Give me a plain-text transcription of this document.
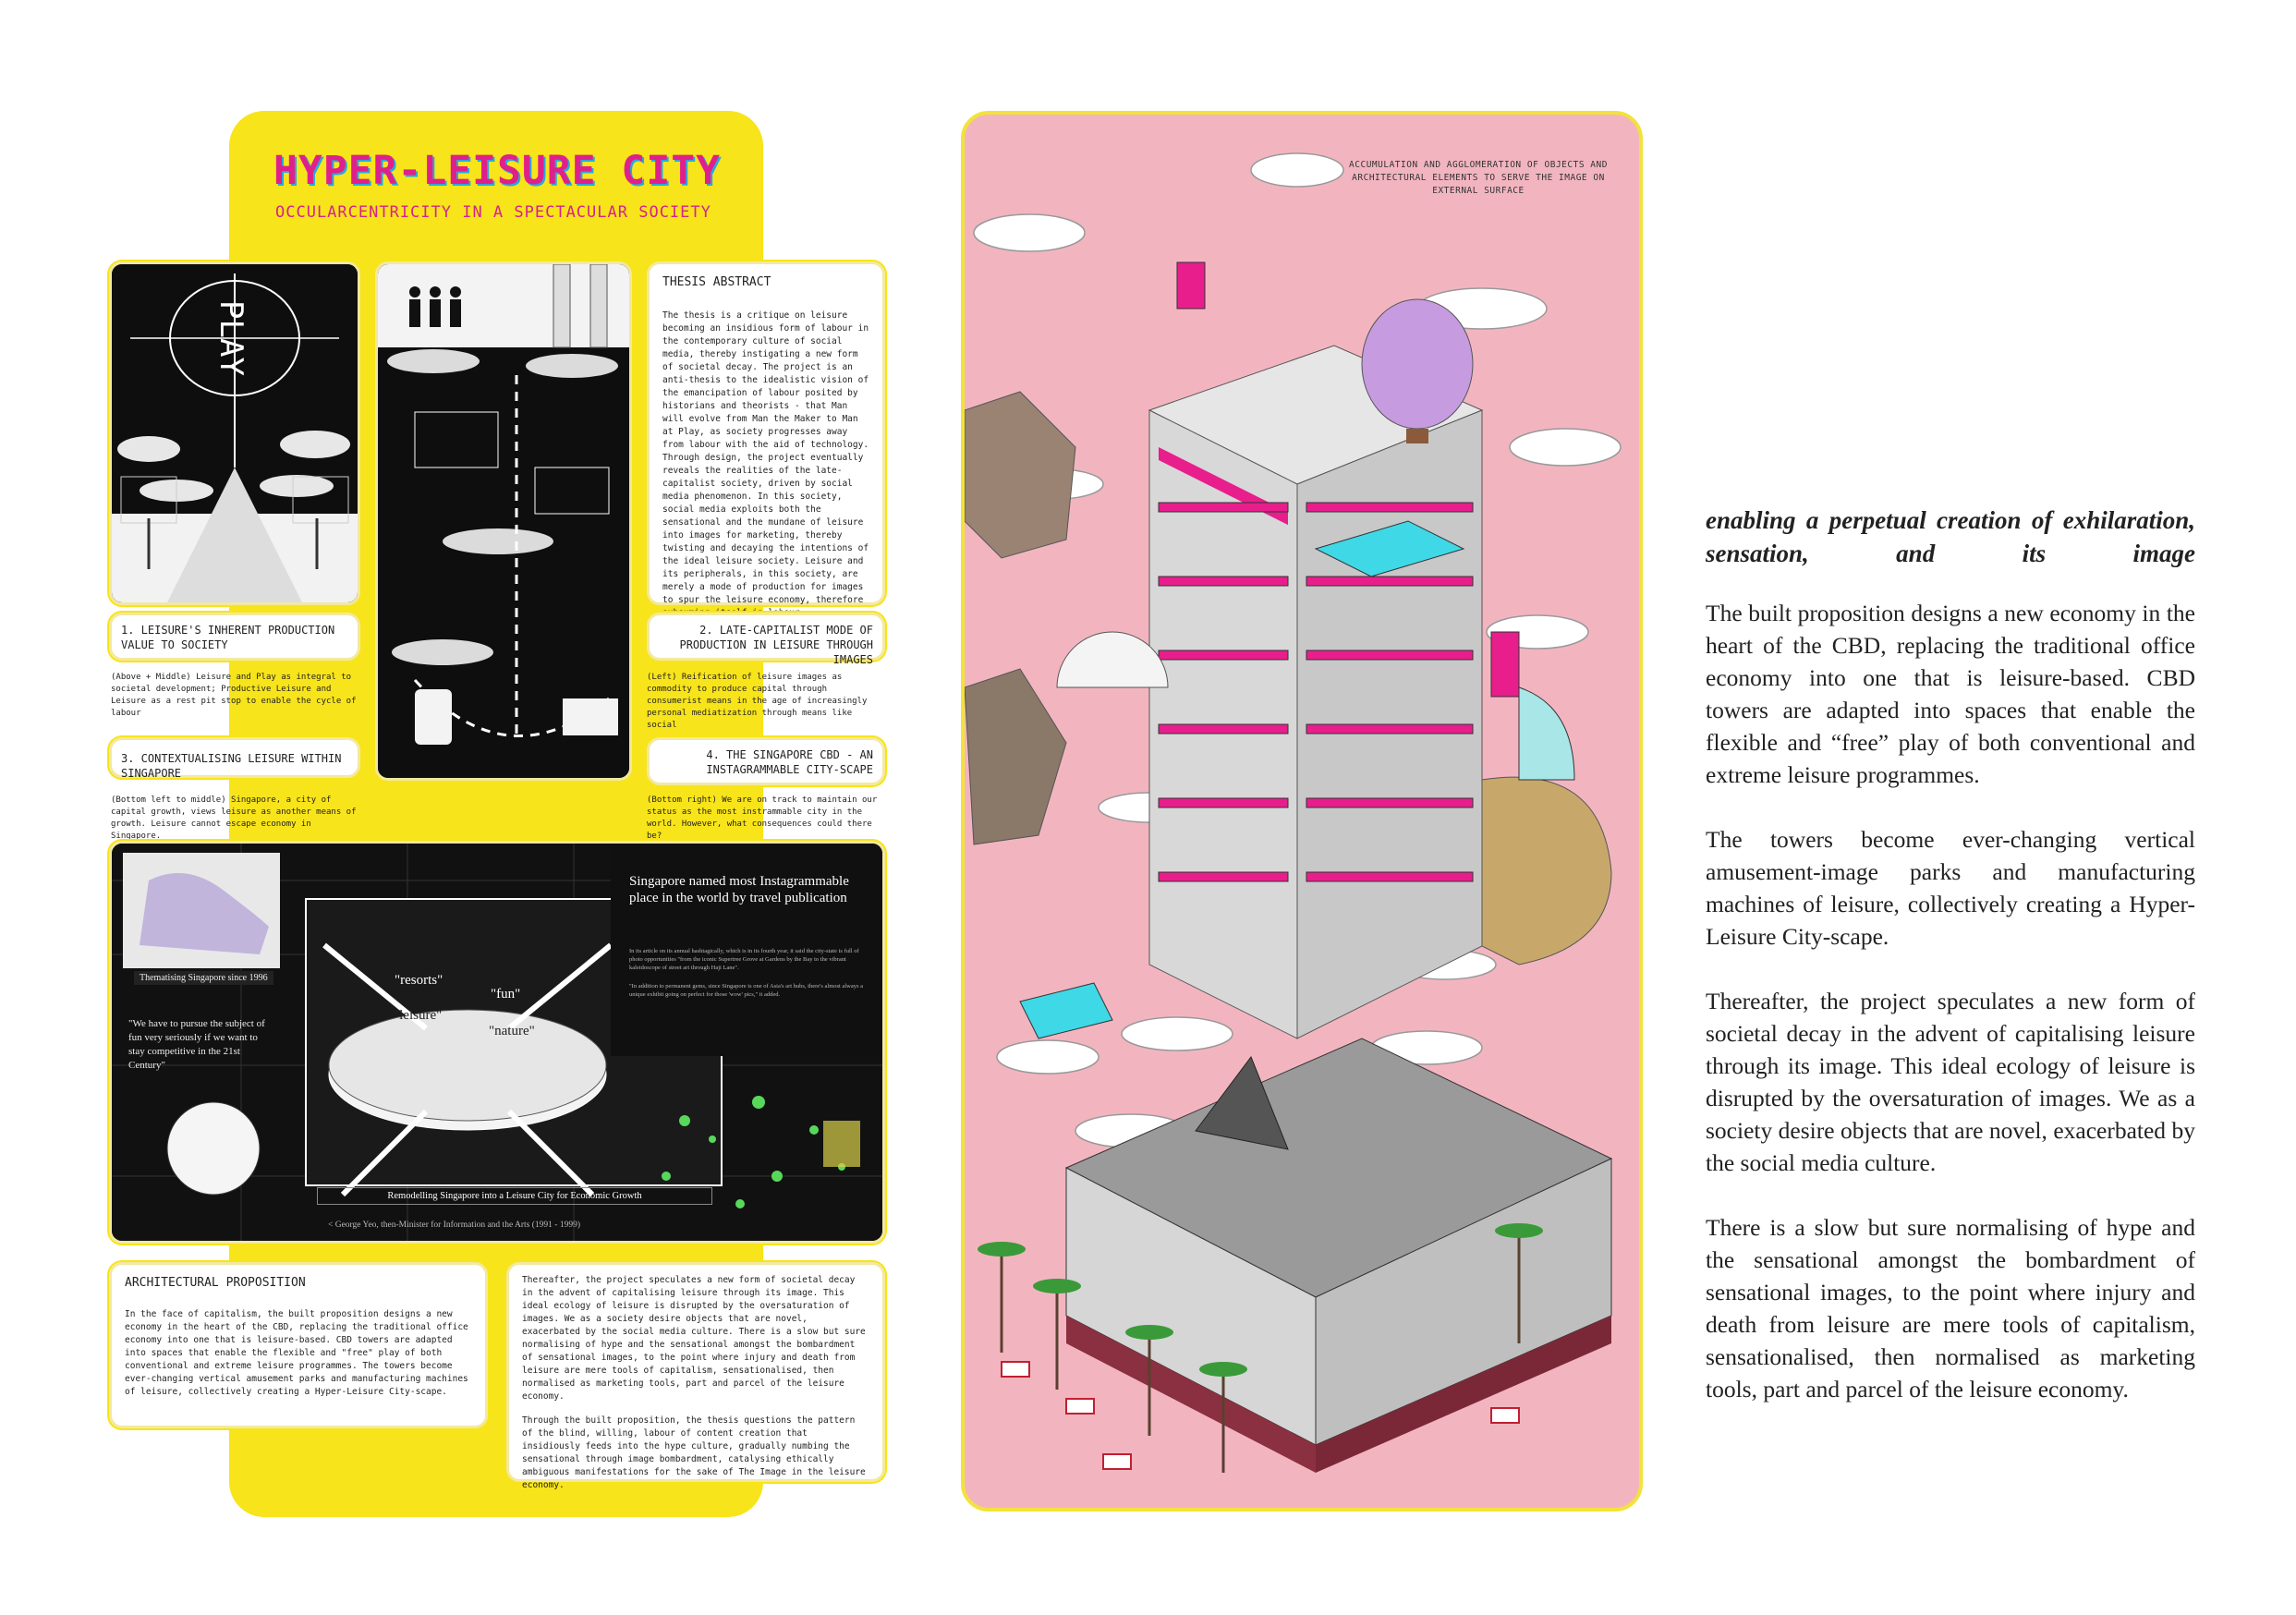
HYPER-LEISURE CITY
OCCULARCENTRICITY IN A SPECTACULAR SOCIETY
PLAY
THESIS ABSTRACT
The thesis is a critique on leisure becoming an insidious form of labour in the contemporary culture of social media, thereby instigating a new form of societal decay. The project is an anti-thesis to the idealistic vision of the emancipation of labour posited by historians and theorists - that Man will evolve from Man the Maker to Man at Play, as society progresses away from labour with the aid of technology. Through design, the project eventually reveals the realities of the late-capitalist society, driven by social media phenomenon. In this society, social media exploits both the sensational and the mundane of leisure into images for marketing, thereby twisting and decaying the intentions of the ideal leisure society. Leisure and its peripherals, in this society, are merely a mode of production for images to spur the leisure economy, therefore
1. LEISURE'S INHERENT PRODUCTION VALUE TO SOCIETY
(Above + Middle) Leisure and Play as integral to societal development; Productive Leisure and Leisure as a rest pit stop to enable the cycle of labour
2. LATE-CAPITALIST MODE OF PRODUCTION IN LEISURE THROUGH IMAGES
(Left) Reification of leisure images as commodity to produce capital through consumerist means in the age of increasingly personal mediatization through means like social
3. CONTEXTUALISING LEISURE WITHIN SINGAPORE
(Bottom left to middle) Singapore, a city of capital growth, views leisure as another means of growth. Leisure cannot escape economy in Singapore.
4. THE SINGAPORE CBD - AN INSTAGRAMMABLE CITY-SCAPE
(Bottom right) We are on track to maintain our status as the most instrammable city in the world. However, what consequences could there be?
Thematising Singapore since 1996
"We have to pursue the subject of fun very seriously if we want to stay competitive in the 21st Century"
"resorts"
"fun"
"leisure"
"nature"
Remodelling Singapore into a Leisure City for Economic Growth
< George Yeo, then-Minister for Information and the Arts (1991 - 1999)
Singapore named most Instagrammable place in the world by travel publication
In its article on its annual hashtagically, which is in its fourth year, it said the city-state is full of photo opportunities "from the iconic Supertree Grove at Gardens by the Bay to the vibrant kaleidoscope of street art through Haji Lane".
"In addition to permanent gems, since Singapore is one of Asia's art hubs, there's almost always a unique exhibit going on perfect for those 'wow' pics," it added.
ARCHITECTURAL PROPOSITION
In the face of capitalism, the built proposition designs a new economy in the heart of the CBD, replacing the traditional office economy into one that is leisure-based. CBD towers are adapted into spaces that enable the flexible and "free" play of both conventional and extreme leisure programmes. The towers become ever-changing vertical amusement parks and manufacturing machines of leisure, collectively creating a Hyper-Leisure City-scape.
Thereafter, the project speculates a new form of societal decay in the advent of capitalising leisure through its image. This ideal ecology of leisure is disrupted by the oversaturation of images. We as a society desire objects that are novel, exacerbated by the social media culture. There is a slow but sure normalising of hype and the sensational amongst the bombardment of sensational images, to the point where injury and death from leisure are mere tools of capitalism, sensationalised, then normalised as marketing tools, part and parcel of the leisure economy.
Through the built proposition, the thesis questions the pattern of the blind, willing, labour of content creation that insidiously feeds into the hype culture, gradually numbing the sensational through image bombardment, catalysing ethically ambiguous manifestations for the sake of The Image in the leisure economy.
ACCUMULATION AND AGGLOMERATION OF OBJECTS AND ARCHITECTURAL ELEMENTS TO SERVE THE IMAGE ON EXTERNAL SURFACE
enabling a perpetual creation of exhilaration, sensation, and its image

The built proposition designs a new economy in the heart of the CBD, replacing the traditional office economy into one that is leisure-based. CBD towers are adapted into spaces that enable the flexible and “free” play of both conventional and extreme leisure programmes.

The towers become ever-changing vertical amusement-image parks and manufacturing machines of leisure, collectively creating a Hyper-Leisure City-scape.

Thereafter, the project speculates a new form of societal decay in the advent of capitalising leisure through its image. This ideal ecology of leisure is disrupted by the oversaturation of images. We as a society desire objects that are novel, exacerbated by the social media culture.

There is a slow but sure normalising of hype and the sensational amongst the bombardment of sensational images, to the point where injury and death from leisure are mere tools of capitalism, sensationalised, then normalised as marketing tools, part and parcel of the leisure economy.
